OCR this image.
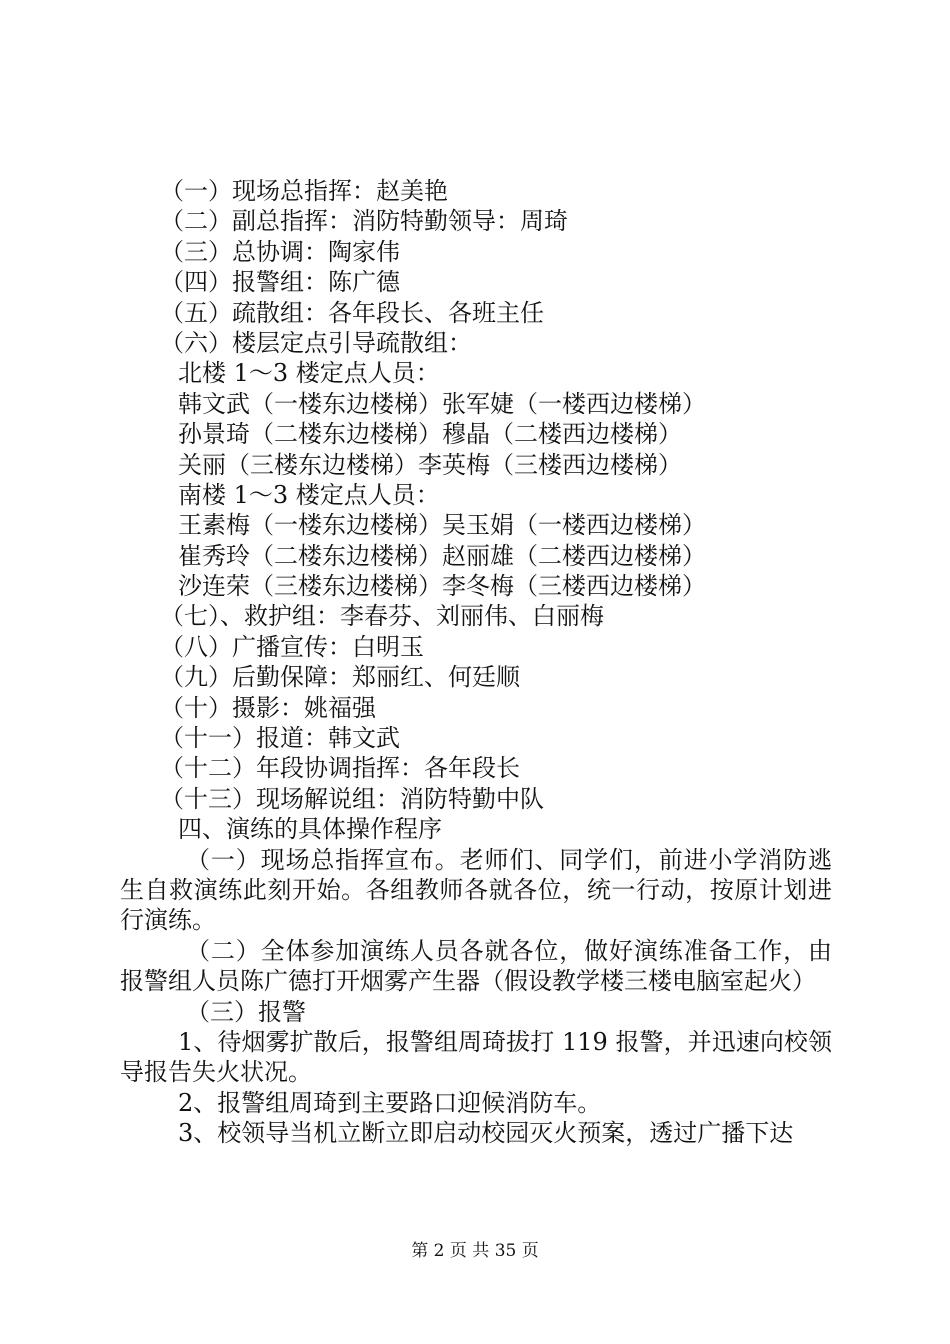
（一）现场总指挥：赵美艳
（二）副总指挥：消防特勤领导：周琦
（三）总协调：陶家伟
（四）报警组：陈广德
（五）疏散组：各年段长、各班主任
（六）楼层定点引导疏散组：
北楼 1～3 楼定点人员：
韩文武（一楼东边楼梯）张军婕（一楼西边楼梯）
孙景琦（二楼东边楼梯）穆晶（二楼西边楼梯）
关丽（三楼东边楼梯）李英梅（三楼西边楼梯）
南楼 1～3 楼定点人员：
王素梅（一楼东边楼梯）吴玉娟（一楼西边楼梯）
崔秀玲（二楼东边楼梯）赵丽雄（二楼西边楼梯）
沙连荣（三楼东边楼梯）李冬梅（三楼西边楼梯）
（七）、救护组：李春芬、刘丽伟、白丽梅
（八）广播宣传：白明玉
（九）后勤保障：郑丽红、何廷顺
（十）摄影：姚福强
（十一）报道：韩文武
（十二）年段协调指挥：各年段长
（十三）现场解说组：消防特勤中队
四、演练的具体操作程序
（一）现场总指挥宣布。老师们、同学们，前进小学消防逃生自救演练此刻开始。各组教师各就各位，统一行动，按原计划进行演练。
（二）全体参加演练人员各就各位，做好演练准备工作，由报警组人员陈广德打开烟雾产生器（假设教学楼三楼电脑室起火）
（三）报警
1、待烟雾扩散后，报警组周琦拔打 119 报警，并迅速向校领导报告失火状况。
2、报警组周琦到主要路口迎候消防车。
3、校领导当机立断立即启动校园灭火预案，透过广播下达
第 2 页 共 35 页
